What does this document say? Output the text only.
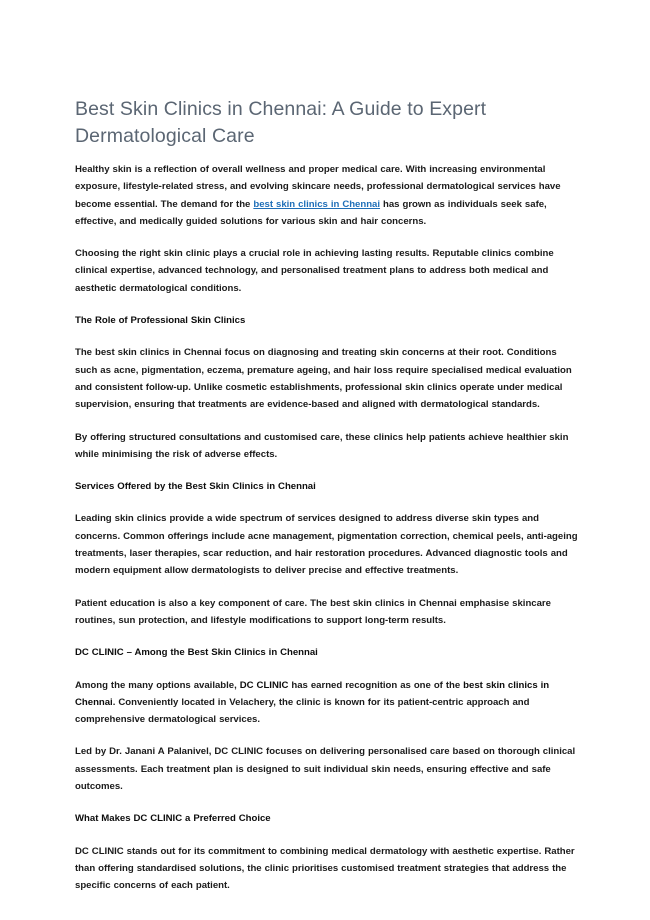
Best Skin Clinics in Chennai: A Guide to Expert Dermatological Care

Healthy skin is a reflection of overall wellness and proper medical care. With increasing environmental exposure, lifestyle-related stress, and evolving skincare needs, professional dermatological services have become essential. The demand for the best skin clinics in Chennai has grown as individuals seek safe, effective, and medically guided solutions for various skin and hair concerns.

Choosing the right skin clinic plays a crucial role in achieving lasting results. Reputable clinics combine clinical expertise, advanced technology, and personalised treatment plans to address both medical and aesthetic dermatological conditions.

The Role of Professional Skin Clinics

The best skin clinics in Chennai focus on diagnosing and treating skin concerns at their root. Conditions such as acne, pigmentation, eczema, premature ageing, and hair loss require specialised medical evaluation and consistent follow-up. Unlike cosmetic establishments, professional skin clinics operate under medical supervision, ensuring that treatments are evidence-based and aligned with dermatological standards.

By offering structured consultations and customised care, these clinics help patients achieve healthier skin while minimising the risk of adverse effects.

Services Offered by the Best Skin Clinics in Chennai

Leading skin clinics provide a wide spectrum of services designed to address diverse skin types and concerns. Common offerings include acne management, pigmentation correction, chemical peels, anti-ageing treatments, laser therapies, scar reduction, and hair restoration procedures. Advanced diagnostic tools and modern equipment allow dermatologists to deliver precise and effective treatments.

Patient education is also a key component of care. The best skin clinics in Chennai emphasise skincare routines, sun protection, and lifestyle modifications to support long-term results.

DC CLINIC – Among the Best Skin Clinics in Chennai

Among the many options available, DC CLINIC has earned recognition as one of the best skin clinics in Chennai. Conveniently located in Velachery, the clinic is known for its patient-centric approach and comprehensive dermatological services.

Led by Dr. Janani A Palanivel, DC CLINIC focuses on delivering personalised care based on thorough clinical assessments. Each treatment plan is designed to suit individual skin needs, ensuring effective and safe outcomes.

What Makes DC CLINIC a Preferred Choice

DC CLINIC stands out for its commitment to combining medical dermatology with aesthetic expertise. Rather than offering standardised solutions, the clinic prioritises customised treatment strategies that address the specific concerns of each patient.
